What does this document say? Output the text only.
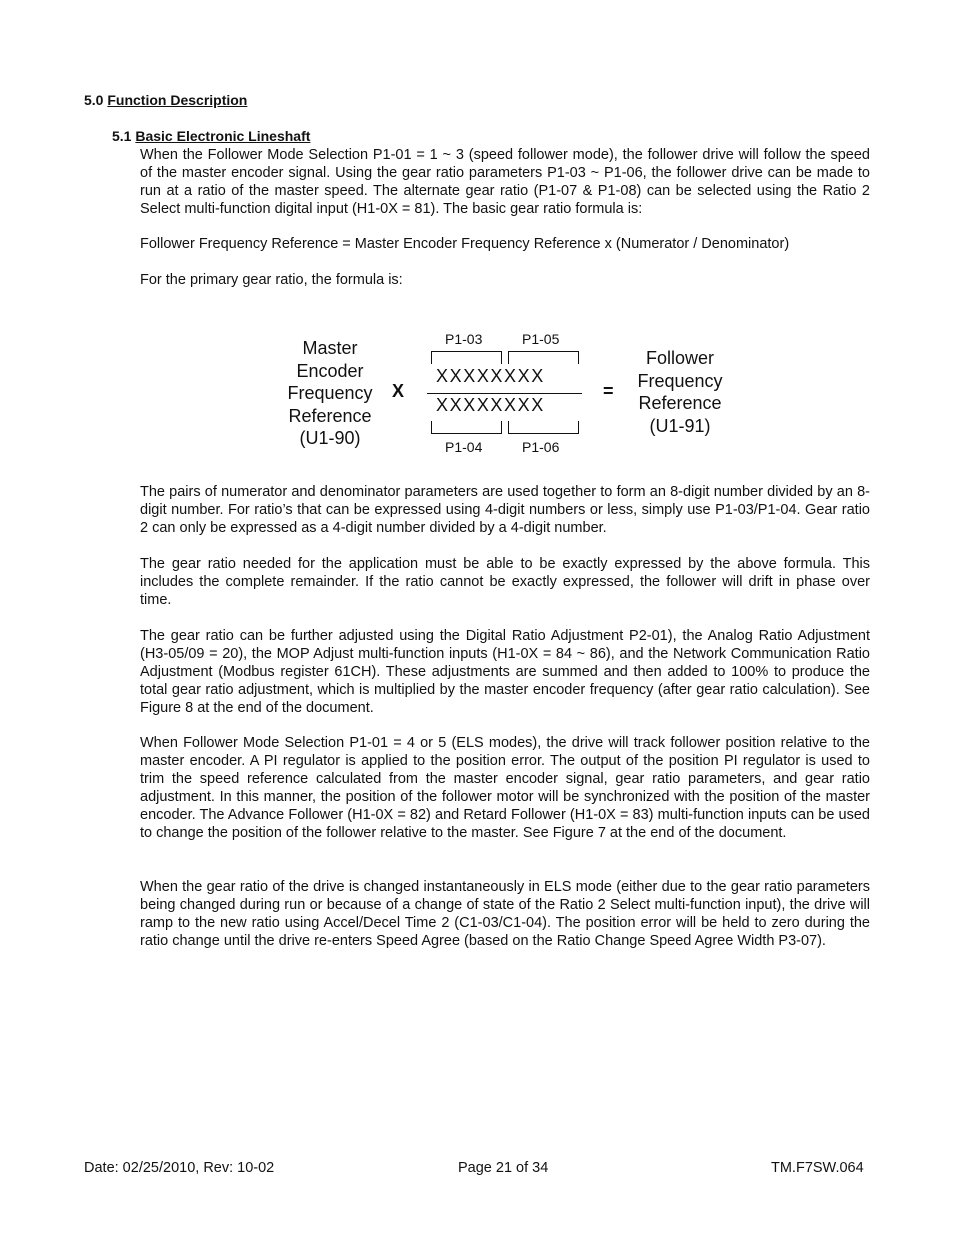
5.0 Function Description
5.1 Basic Electronic Lineshaft

When the Follower Mode Selection P1-01 = 1 ~ 3 (speed follower mode), the follower drive will follow the speed of the master encoder signal. Using the gear ratio parameters P1-03 ~ P1-06, the follower drive can be made to run at a ratio of the master speed. The alternate gear ratio (P1-07 & P1-08) can be selected using the Ratio 2 Select multi-function digital input (H1-0X = 81). The basic gear ratio formula is:

Follower Frequency Reference = Master Encoder Frequency Reference x (Numerator / Denominator)

For the primary gear ratio, the formula is:

Master
Encoder
Frequency
Reference
(U1-90)
X
P1-03	P1-05
XXXXXXXX
XXXXXXXX
P1-04	P1-06
=
Follower
Frequency
Reference
(U1-91)

The pairs of numerator and denominator parameters are used together to form an 8-digit number divided by an 8-digit number. For ratio’s that can be expressed using 4-digit numbers or less, simply use P1-03/P1-04. Gear ratio 2 can only be expressed as a 4-digit number divided by a 4-digit number.

The gear ratio needed for the application must be able to be exactly expressed by the above formula. This includes the complete remainder. If the ratio cannot be exactly expressed, the follower will drift in phase over time.

The gear ratio can be further adjusted using the Digital Ratio Adjustment P2-01), the Analog Ratio Adjustment (H3-05/09 = 20), the MOP Adjust multi-function inputs (H1-0X = 84 ~ 86), and the Network Communication Ratio Adjustment (Modbus register 61CH). These adjustments are summed and then added to 100% to produce the total gear ratio adjustment, which is multiplied by the master encoder frequency (after gear ratio calculation). See Figure 8 at the end of the document.

When Follower Mode Selection P1-01 = 4 or 5 (ELS modes), the drive will track follower position relative to the master encoder. A PI regulator is applied to the position error. The output of the position PI regulator is used to trim the speed reference calculated from the master encoder signal, gear ratio parameters, and gear ratio adjustment. In this manner, the position of the follower motor will be synchronized with the position of the master encoder. The Advance Follower (H1-0X = 82) and Retard Follower (H1-0X = 83) multi-function inputs can be used to change the position of the follower relative to the master. See Figure 7 at the end of the document.

When the gear ratio of the drive is changed instantaneously in ELS mode (either due to the gear ratio parameters being changed during run or because of a change of state of the Ratio 2 Select multi-function input), the drive will ramp to the new ratio using Accel/Decel Time 2 (C1-03/C1-04). The position error will be held to zero during the ratio change until the drive re-enters Speed Agree (based on the Ratio Change Speed Agree Width P3-07).

Date: 02/25/2010, Rev: 10-02	Page 21 of 34	TM.F7SW.064
